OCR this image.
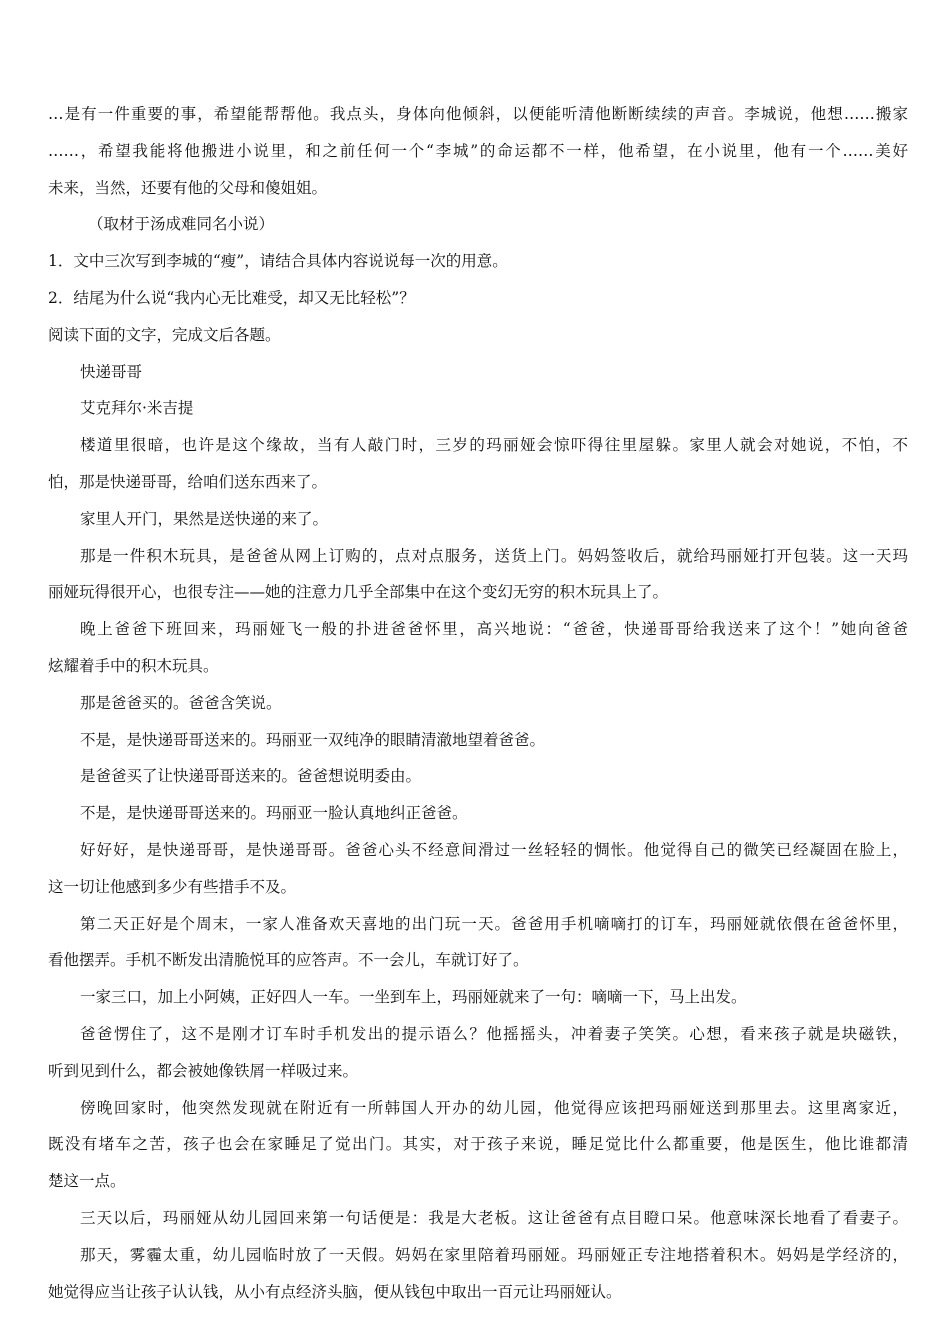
…是有一件重要的事，希望能帮帮他。我点头，身体向他倾斜，以便能听清他断断续续的声音。李城说，他想……搬家
……，希望我能将他搬进小说里，和之前任何一个“李城”的命运都不一样，他希望，在小说里，他有一个……美好
未来，当然，还要有他的父母和傻姐姐。
（取材于汤成难同名小说）
1．文中三次写到李城的“瘦”，请结合具体内容说说每一次的用意。
2．结尾为什么说“我内心无比难受，却又无比轻松”？
阅读下面的文字，完成文后各题。
快递哥哥
艾克拜尔·米吉提
楼道里很暗，也许是这个缘故，当有人敲门时，三岁的玛丽娅会惊吓得往里屋躲。家里人就会对她说，不怕，不
怕，那是快递哥哥，给咱们送东西来了。
家里人开门，果然是送快递的来了。
那是一件积木玩具，是爸爸从网上订购的，点对点服务，送货上门。妈妈签收后，就给玛丽娅打开包装。这一天玛
丽娅玩得很开心，也很专注——她的注意力几乎全部集中在这个变幻无穷的积木玩具上了。
晚上爸爸下班回来，玛丽娅飞一般的扑进爸爸怀里，高兴地说：“爸爸，快递哥哥给我送来了这个！”她向爸爸
炫耀着手中的积木玩具。
那是爸爸买的。爸爸含笑说。
不是，是快递哥哥送来的。玛丽亚一双纯净的眼睛清澈地望着爸爸。
是爸爸买了让快递哥哥送来的。爸爸想说明委由。
不是，是快递哥哥送来的。玛丽亚一脸认真地纠正爸爸。
好好好，是快递哥哥，是快递哥哥。爸爸心头不经意间滑过一丝轻轻的惆怅。他觉得自己的微笑已经凝固在脸上，
这一切让他感到多少有些措手不及。
第二天正好是个周末，一家人准备欢天喜地的出门玩一天。爸爸用手机嘀嘀打的订车，玛丽娅就依偎在爸爸怀里，
看他摆弄。手机不断发出清脆悦耳的应答声。不一会儿，车就订好了。
一家三口，加上小阿姨，正好四人一车。一坐到车上，玛丽娅就来了一句：嘀嘀一下，马上出发。
爸爸愣住了，这不是刚才订车时手机发出的提示语么？他摇摇头，冲着妻子笑笑。心想，看来孩子就是块磁铁，
听到见到什么，都会被她像铁屑一样吸过来。
傍晚回家时，他突然发现就在附近有一所韩国人开办的幼儿园，他觉得应该把玛丽娅送到那里去。这里离家近，
既没有堵车之苦，孩子也会在家睡足了觉出门。其实，对于孩子来说，睡足觉比什么都重要，他是医生，他比谁都清
楚这一点。
三天以后，玛丽娅从幼儿园回来第一句话便是：我是大老板。这让爸爸有点目瞪口呆。他意味深长地看了看妻子。
那天，雾霾太重，幼儿园临时放了一天假。妈妈在家里陪着玛丽娅。玛丽娅正专注地搭着积木。妈妈是学经济的，
她觉得应当让孩子认认钱，从小有点经济头脑，便从钱包中取出一百元让玛丽娅认。
